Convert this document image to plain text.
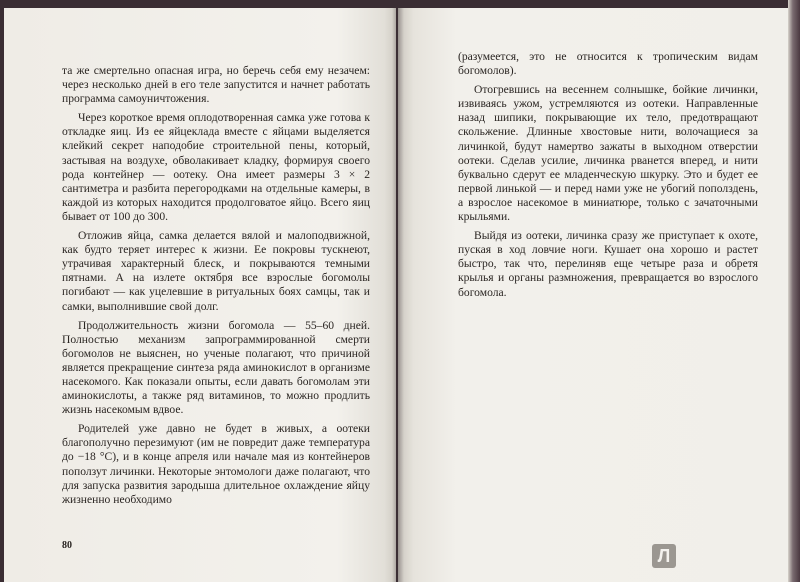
та же смертельно опасная игра, но беречь себя ему незачем: через несколько дней в его теле запустится и начнет работать программа самоуничтожения.

Через короткое время оплодотворенная самка уже готова к откладке яиц. Из ее яйцеклада вместе с яйцами выделяется клейкий секрет наподобие строительной пены, который, застывая на воздухе, обволакивает кладку, формируя своего рода контейнер — оотеку. Она имеет размеры 3 × 2 сантиметра и разбита перегородками на отдельные камеры, в каждой из которых находится продолговатое яйцо. Всего яиц бывает от 100 до 300.

Отложив яйца, самка делается вялой и малоподвижной, как будто теряет интерес к жизни. Ее покровы тускнеют, утрачивая характерный блеск, и покрываются темными пятнами. А на излете октября все взрослые богомолы погибают — как уцелевшие в ритуальных боях самцы, так и самки, выполнившие свой долг.

Продолжительность жизни богомола — 55–60 дней. Полностью механизм запрограммированной смерти богомолов не выяснен, но ученые полагают, что причиной является прекращение синтеза ряда аминокислот в организме насекомого. Как показали опыты, если давать богомолам эти аминокислоты, а также ряд витаминов, то можно продлить жизнь насекомым вдвое.

Родителей уже давно не будет в живых, а оотеки благополучно перезимуют (им не повредит даже температура до −18 °C), и в конце апреля или начале мая из контейнеров поползут личинки. Некоторые энтомологи даже полагают, что для запуска развития зародыша длительное охлаждение яйцу жизненно необходимо

80

(разумеется, это не относится к тропическим видам богомолов).

Отогревшись на весеннем солнышке, бойкие личинки, извиваясь ужом, устремляются из оотеки. Направленные назад шипики, покрывающие их тело, предотвращают скольжение. Длинные хвостовые нити, волочащиеся за личинкой, будут намертво зажаты в выходном отверстии оотеки. Сделав усилие, личинка рванется вперед, и нити буквально сдерут ее младенческую шкурку. Это и будет ее первой линькой — и перед нами уже не убогий пополздень, а взрослое насекомое в миниатюре, только с зачаточными крыльями.

Выйдя из оотеки, личинка сразу же приступает к охоте, пуская в ход ловчие ноги. Кушает она хорошо и растет быстро, так что, перелиняв еще четыре раза и обретя крылья и органы размножения, превращается во взрослого богомола.

Л
